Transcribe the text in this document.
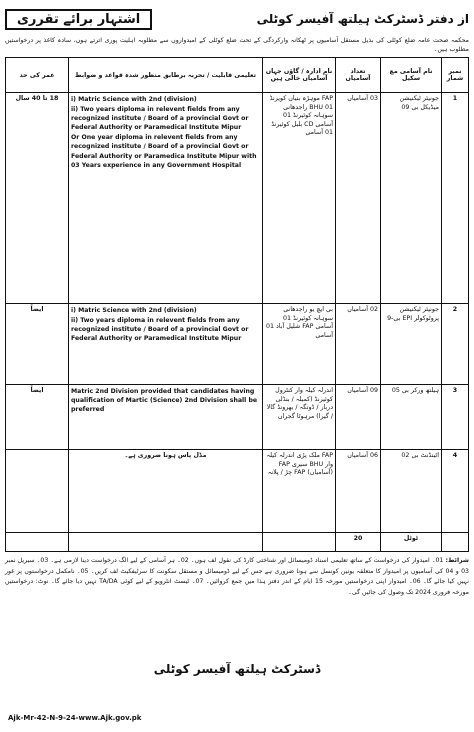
اشتہار برائے تقرری	از دفتر ڈسٹرکٹ ہیلتھ آفیسر کوٹلی
محکمہ صحت عامہ ضلع کوٹلی کی بذیل مستقل آسامیوں پر ٹھکانہ وارکردگی کے تحت ضلع کوٹلی کے امیدواروں سے مطلوبہ اہلیت پوری اترتے ہوں، سادہ کاغذ پر درخواستیں مطلوب ہیں۔
نمبر شمار	نام آسامی مع سکیل	تعداد آسامیاں	نام ادارہ / گاؤں جہاں آسامیاں خالی ہیں	تعلیمی قابلیت / تجربہ برطابق منظور شدہ قواعد و ضوابط	عمر کی حد
1	جونیئر ٹیکنیشن میڈیکل بی 09	03 آسامیاں	FAP موہڑہ بنیاں کویرنڈ 01 BHU راجدھانی سوہانہ کوئیرنڈ 01 آسامی CD بلبل کوئیرنڈ 01 آسامی	i) Matric Science with 2nd (division)
ii) Two years diploma in relevent fields from any recognized institute / Board of a provincial Govt or Federal Authority or Paramedical Institute Mipur
Or One year diploma in relevent fields from any recognized institute / Board of a provincial Govt or Federal Authority or Paramedica Institute Mipur with 03 Years experience in any Government Hospital	18 تا 40 سال
2	جونیئر ٹیکنیشن پروٹوکولر EPI بی-9	02 آسامیاں	بی ایچ یو راجدھانی سوہانہ کوئیرنڈ 01 آسامی FAP شلیل آباد 01 آسامی	i) Matric Science with 2nd (division)
ii) Two years diploma in relevent fields from any recognized institute / Board of a provincial Govt or Federal Authority or Paramedical Institute Mipur	ایضاً
3	ہیلتھ ورکر بی 05	09 آسامیاں	اندرلہ کیلہ وار کنٹرول کوئیرنڈ (کمیلہ / بنڈلی دربار / ڈونگہ / بھرونڈ گالا / گیرا) مرہوٹا گجراں	Matric 2nd Division provided that candidates having qualification of Martic (Science) 2nd Division shall be preferred	ایضاً
4	اٹینڈنٹ بی 02	06 آسامیاں	FAP ملک پڑی اندرلہ کیلہ وار BHU سیری FAP (آسامیاں) FAP چڑ / پلانہ	مڈل پاس ہونا ضروری ہے۔	
	ٹوٹل	20			
شرائط: 01۔ امیدوار کی درخواست کے ساتھ تعلیمی اسناد ڈومیسائل اور شناختی کارڈ کی نقول لف ہوں۔ 02۔ ہر آسامی کے لیے الگ درخواست دینا لازمی ہے۔ 03۔ سیریل نمبر 03 و 04 کی آسامیوں پر امیدوار کا متعلقہ یونین کونسل سے ہونا ضروری ہے جس کے لیے ڈومیسائل و مستقل سکونت کا سرٹیفکیٹ لف کریں۔ 05۔ نامکمل درخواستوں پر غور نہیں کیا جائے گا۔ 06۔ امیدوار اپنی درخواستیں مورخہ 15 ایام کے اندر دفتر ہذا میں جمع کروائیں۔ 07۔ ٹیسٹ انٹرویو کے لیے کوئی TA/DA نہیں دیا جائے گا۔ نوٹ: درخواستیں مورخہ فروری 2024 تک وصول کی جائیں گی۔
ڈسٹرکٹ ہیلتھ آفیسر کوٹلی
Ajk-Mr-42-N-9-24-www.Ajk.gov.pk
